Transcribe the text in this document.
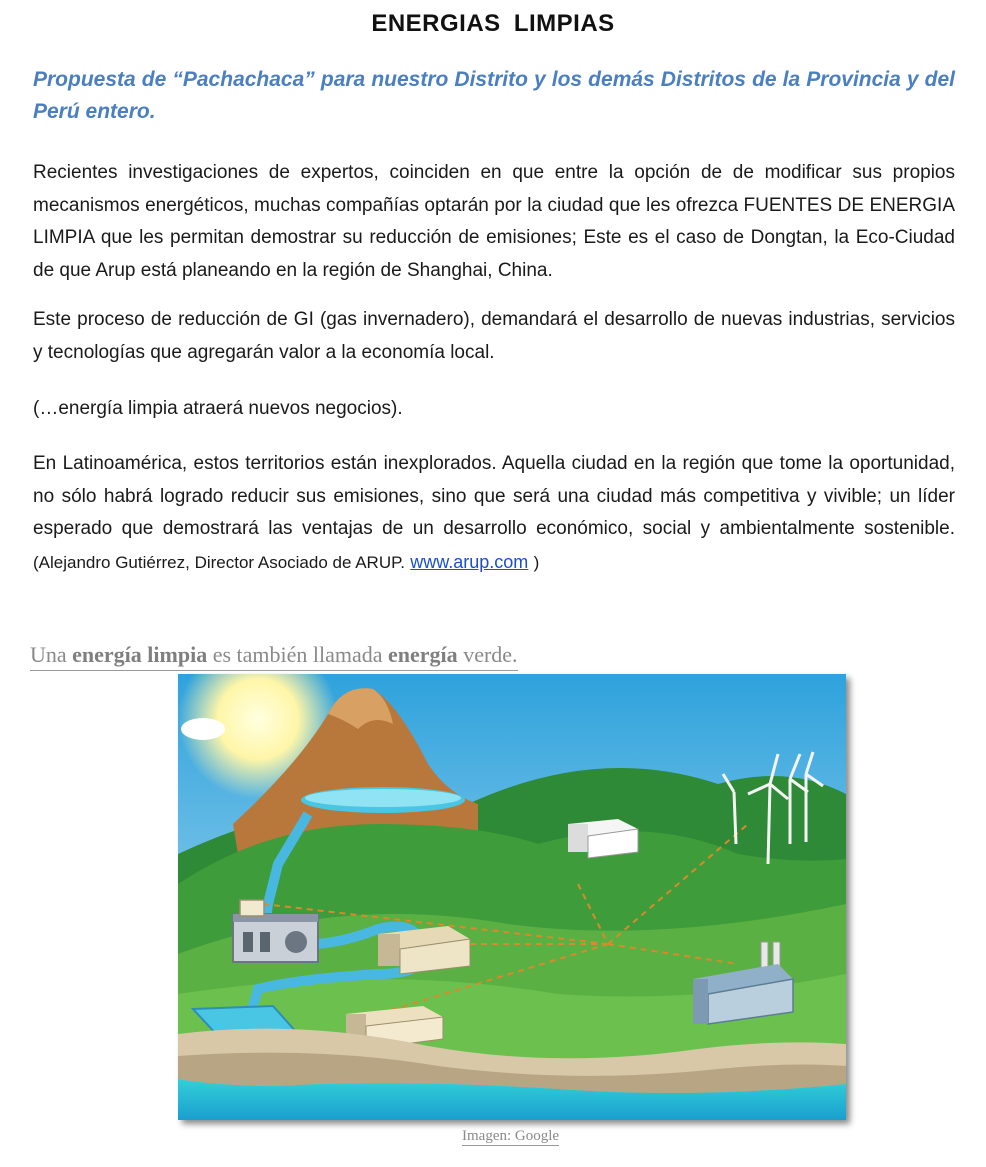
ENERGIAS LIMPIAS

Propuesta de “Pachachaca” para nuestro Distrito y los demás Distritos de la Provincia y del Perú entero.

Recientes investigaciones de expertos, coinciden en que entre la opción de de modificar sus propios mecanismos energéticos, muchas compañías optarán por la ciudad que les ofrezca FUENTES DE ENERGIA LIMPIA que les permitan demostrar su reducción de emisiones; Este es el caso de Dongtan, la Eco-Ciudad de que Arup está planeando en la región de Shanghai, China.

Este proceso de reducción de GI (gas invernadero), demandará el desarrollo de nuevas industrias, servicios y tecnologías que agregarán valor a la economía local.

(…energía limpia atraerá nuevos negocios).

En Latinoamérica, estos territorios están inexplorados. Aquella ciudad en la región que tome la oportunidad, no sólo habrá logrado reducir sus emisiones, sino que será una ciudad más competitiva y vivible; un líder esperado que demostrará las ventajas de un desarrollo económico, social y ambientalmente sostenible. (Alejandro Gutiérrez, Director Asociado de ARUP. www.arup.com )

Una energía limpia es también llamada energía verde.

Imagen: Google
